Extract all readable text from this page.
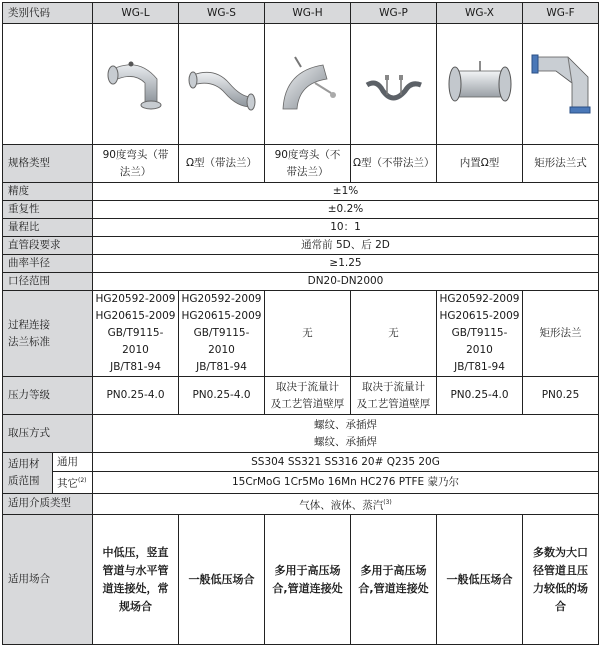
类别代码		WG-L	WG-S	WG-H	WG-P	WG-X	WG-F

规格类型		90度弯头（带
法兰）	Ω型（带法兰）	90度弯头（不
带法兰）	Ω型（不带法兰）	内置Ω型	矩形法兰式
精度		±1%					
重复性		±0.2%					
量程比		10：1					
直管段要求		通常前 5D、后 2D					
曲率半径		≥1.25					
口径范围		DN20-DN2000					
过程连接
法兰标准		HG20592-2009
HG20615-2009
GB/T9115-2010
JB/T81-94	HG20592-2009
HG20615-2009
GB/T9115-2010
JB/T81-94	无	无	HG20592-2009
HG20615-2009
GB/T9115-2010
JB/T81-94	矩形法兰
压力等级		PN0.25-4.0	PN0.25-4.0	取决于流量计
及工艺管道壁厚	取决于流量计
及工艺管道壁厚	PN0.25-4.0	PN0.25
取压方式		螺纹、承插焊
螺纹、承插焊					
适用材
质范围	通用	SS304 SS321 SS316 20# Q235 20G					
	其它$^{(2)}$	15CrMoG 1Cr5Mo 16Mn HC276 PTFE 蒙乃尔					
适用介质类型		气体、液体、蒸汽$^{(3)}$
适用场合		中低压，竖直
管道与水平管
道连接处，常
规场合	一般低压场合	多用于高压场
合,管道连接处	多用于高压场
合,管道连接处	一般低压场合	多数为大口
径管道且压
力较低的场
合
